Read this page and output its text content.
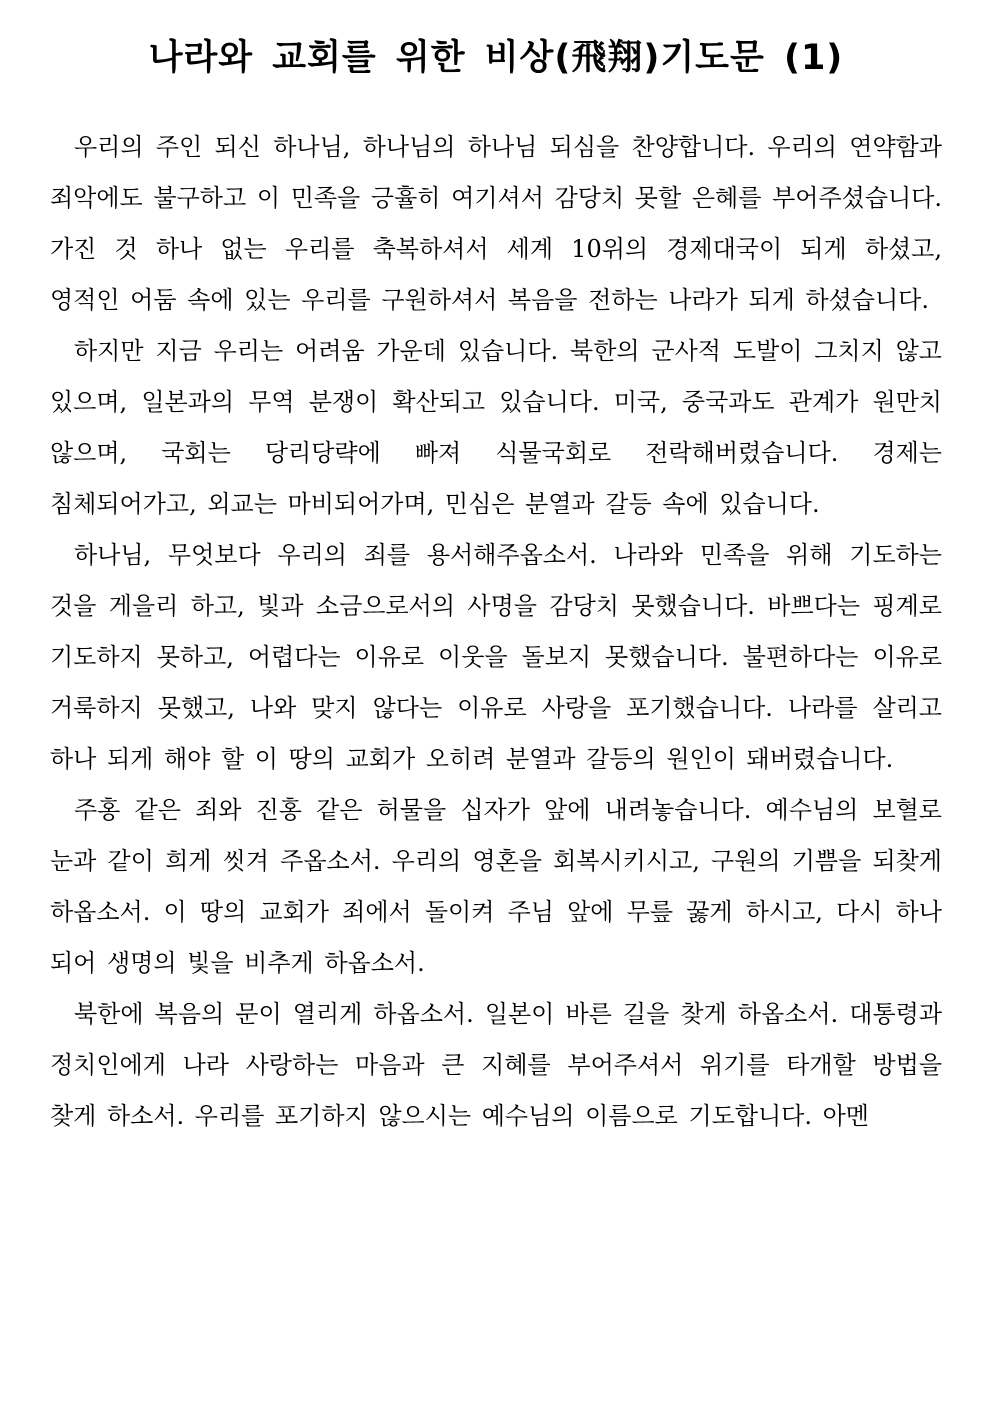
나라와 교회를 위한 비상(飛翔)기도문 (1)

우리의 주인 되신 하나님, 하나님의 하나님 되심을 찬양합니다. 우리의 연약함과 죄악에도 불구하고 이 민족을 긍휼히 여기셔서 감당치 못할 은혜를 부어주셨습니다. 가진 것 하나 없는 우리를 축복하셔서 세계 10위의 경제대국이 되게 하셨고, 영적인 어둠 속에 있는 우리를 구원하셔서 복음을 전하는 나라가 되게 하셨습니다.

하지만 지금 우리는 어려움 가운데 있습니다. 북한의 군사적 도발이 그치지 않고 있으며, 일본과의 무역 분쟁이 확산되고 있습니다. 미국, 중국과도 관계가 원만치 않으며, 국회는 당리당략에 빠져 식물국회로 전락해버렸습니다. 경제는 침체되어가고, 외교는 마비되어가며, 민심은 분열과 갈등 속에 있습니다.

하나님, 무엇보다 우리의 죄를 용서해주옵소서. 나라와 민족을 위해 기도하는 것을 게을리 하고, 빛과 소금으로서의 사명을 감당치 못했습니다. 바쁘다는 핑계로 기도하지 못하고, 어렵다는 이유로 이웃을 돌보지 못했습니다. 불편하다는 이유로 거룩하지 못했고, 나와 맞지 않다는 이유로 사랑을 포기했습니다. 나라를 살리고 하나 되게 해야 할 이 땅의 교회가 오히려 분열과 갈등의 원인이 돼버렸습니다.

주홍 같은 죄와 진홍 같은 허물을 십자가 앞에 내려놓습니다. 예수님의 보혈로 눈과 같이 희게 씻겨 주옵소서. 우리의 영혼을 회복시키시고, 구원의 기쁨을 되찾게 하옵소서. 이 땅의 교회가 죄에서 돌이켜 주님 앞에 무릎 꿇게 하시고, 다시 하나 되어 생명의 빛을 비추게 하옵소서.

북한에 복음의 문이 열리게 하옵소서. 일본이 바른 길을 찾게 하옵소서. 대통령과 정치인에게 나라 사랑하는 마음과 큰 지혜를 부어주셔서 위기를 타개할 방법을 찾게 하소서. 우리를 포기하지 않으시는 예수님의 이름으로 기도합니다. 아멘
